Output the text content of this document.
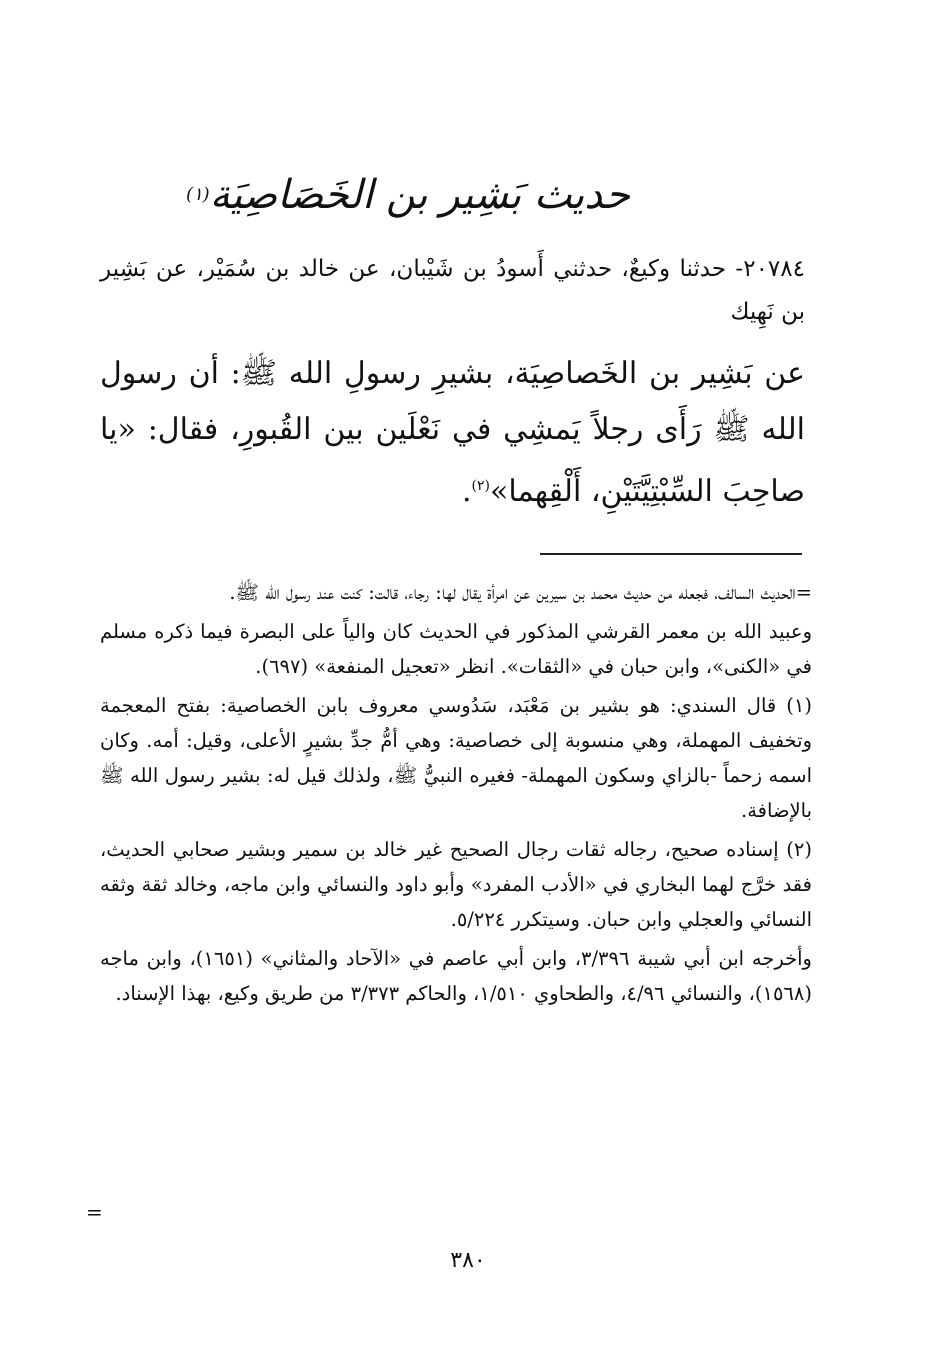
حديث بَشِير بن الخَصَاصِيَة$^{(١)}$
٢٠٧٨٤- حدثنا وكيعٌ، حدثني أَسودُ بن شَيْبان، عن خالد بن سُمَيْر، عن بَشِير بن نَهِيك
عن بَشِير بن الخَصاصِيَة، بشيرِ رسولِ الله ﷺ: أن رسول الله ﷺ رَأَى رجلاً يَمشِي في نَعْلَين بين القُبورِ، فقال: «يا صاحِبَ السِّبْتِيَّتَيْنِ، أَلْقِهما»$^{(٢)}$.

=الحديث السالف، فجعله من حديث محمد بن سيرين عن امرأة يقال لها: رجاء، قالت: كنت عند رسول الله ﷺ.

وعبيد الله بن معمر القرشي المذكور في الحديث كان والياً على البصرة فيما ذكره مسلم في «الكنى»، وابن حبان في «الثقات». انظر «تعجيل المنفعة» (٦٩٧).

(١) قال السندي: هو بشير بن مَعْبَد، سَدُوسي معروف بابن الخصاصية: بفتح المعجمة وتخفيف المهملة، وهي منسوبة إلى خصاصية: وهي أمُّ جدِّ بشيرٍ الأعلى، وقيل: أمه. وكان اسمه زحماً -بالزاي وسكون المهملة- فغيره النبيُّ ﷺ، ولذلك قيل له: بشير رسول الله ﷺ بالإضافة.

(٢) إسناده صحيح، رجاله ثقات رجال الصحيح غير خالد بن سمير وبشير صحابي الحديث، فقد خرَّج لهما البخاري في «الأدب المفرد» وأبو داود والنسائي وابن ماجه، وخالد ثقة وثقه النسائي والعجلي وابن حبان. وسيتكرر ٥/٢٢٤.

وأخرجه ابن أبي شيبة ٣/٣٩٦، وابن أبي عاصم في «الآحاد والمثاني» (١٦٥١)، وابن ماجه (١٥٦٨)، والنسائي ٤/٩٦، والطحاوي ١/٥١٠، والحاكم ٣/٣٧٣ من طريق وكيع، بهذا الإسناد.

=
٣٨٠
